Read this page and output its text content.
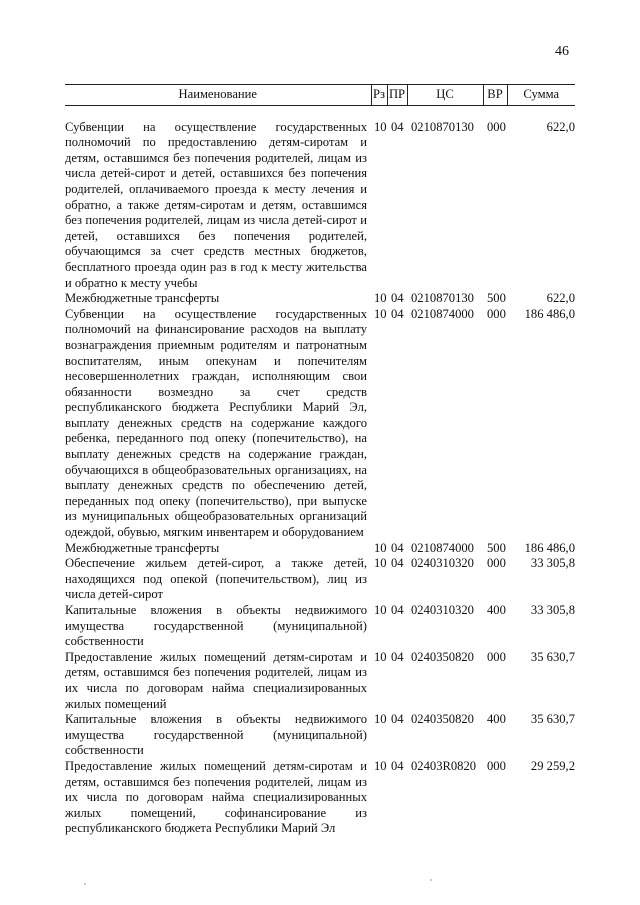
46
Наименование	Рз	ПР	ЦС	ВР	Сумма
Субвенции на осуществление государственных полномочий по предоставлению детям-сиротам и детям, оставшимся без попечения родителей, лицам из числа детей-сирот и детей, оставшихся без попечения родителей, оплачиваемого проезда к месту лечения и обратно, а также детям-сиротам и детям, оставшимся без попечения родителей, лицам из числа детей-сирот и детей, оставшихся без попечения родителей, обучающимся за счет средств местных бюджетов, бесплатного проезда один раз в год к месту жительства и обратно к месту учебы	10	04	0210870130	000	622,0
Межбюджетные трансферты	10	04	0210870130	500	622,0
Субвенции на осуществление государственных полномочий на финансирование расходов на выплату вознаграждения приемным родителям и патронатным воспитателям, иным опекунам и попечителям несовершеннолетних граждан, исполняющим свои обязанности возмездно за счет средств республиканского бюджета Республики Марий Эл, выплату денежных средств на содержание каждого ребенка, переданного под опеку (попечительство), на выплату денежных средств на содержание граждан, обучающихся в общеобразовательных организациях, на выплату денежных средств по обеспечению детей, переданных под опеку (попечительство), при выпуске из муниципальных общеобразовательных организаций одеждой, обувью, мягким инвентарем и оборудованием	10	04	0210874000	000	186 486,0
Межбюджетные трансферты	10	04	0210874000	500	186 486,0
Обеспечение жильем детей-сирот, а также детей, находящихся под опекой (попечительством), лиц из числа детей-сирот	10	04	0240310320	000	33 305,8
Капитальные вложения в объекты недвижимого имущества государственной (муниципальной) собственности	10	04	0240310320	400	33 305,8
Предоставление жилых помещений детям-сиротам и детям, оставшимся без попечения родителей, лицам из их числа по договорам найма специализированных жилых помещений	10	04	0240350820	000	35 630,7
Капитальные вложения в объекты недвижимого имущества государственной (муниципальной) собственности	10	04	0240350820	400	35 630,7
Предоставление жилых помещений детям-сиротам и детям, оставшимся без попечения родителей, лицам из их числа по договорам найма специализированных жилых помещений, софинансирование из республиканского бюджета Республики Марий Эл	10	04	02403R0820	000	29 259,2
